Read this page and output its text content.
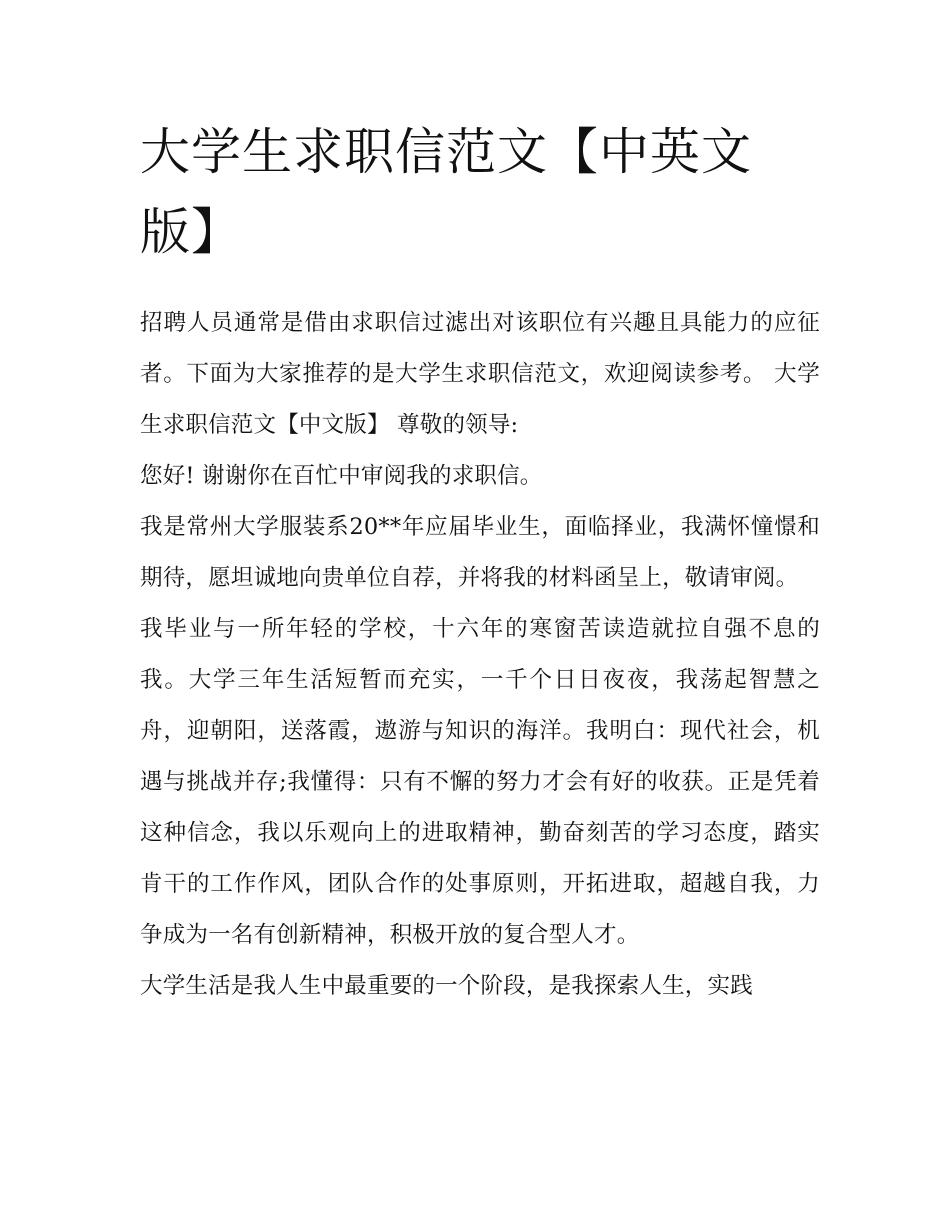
大学生求职信范文【中英文版】

招聘人员通常是借由求职信过滤出对该职位有兴趣且具能力的应征者。下面为大家推荐的是大学生求职信范文，欢迎阅读参考。 大学生求职信范文【中文版】 尊敬的领导:

您好! 谢谢你在百忙中审阅我的求职信。

我是常州大学服装系20**年应届毕业生，面临择业，我满怀憧憬和期待，愿坦诚地向贵单位自荐，并将我的材料函呈上，敬请审阅。

我毕业与一所年轻的学校，十六年的寒窗苦读造就拉自强不息的我。大学三年生活短暂而充实，一千个日日夜夜，我荡起智慧之舟，迎朝阳，送落霞，遨游与知识的海洋。我明白：现代社会，机遇与挑战并存;我懂得：只有不懈的努力才会有好的收获。正是凭着这种信念，我以乐观向上的进取精神，勤奋刻苦的学习态度，踏实肯干的工作作风，团队合作的处事原则，开拓进取，超越自我，力争成为一名有创新精神，积极开放的复合型人才。

大学生活是我人生中最重要的一个阶段，是我探索人生，实践
